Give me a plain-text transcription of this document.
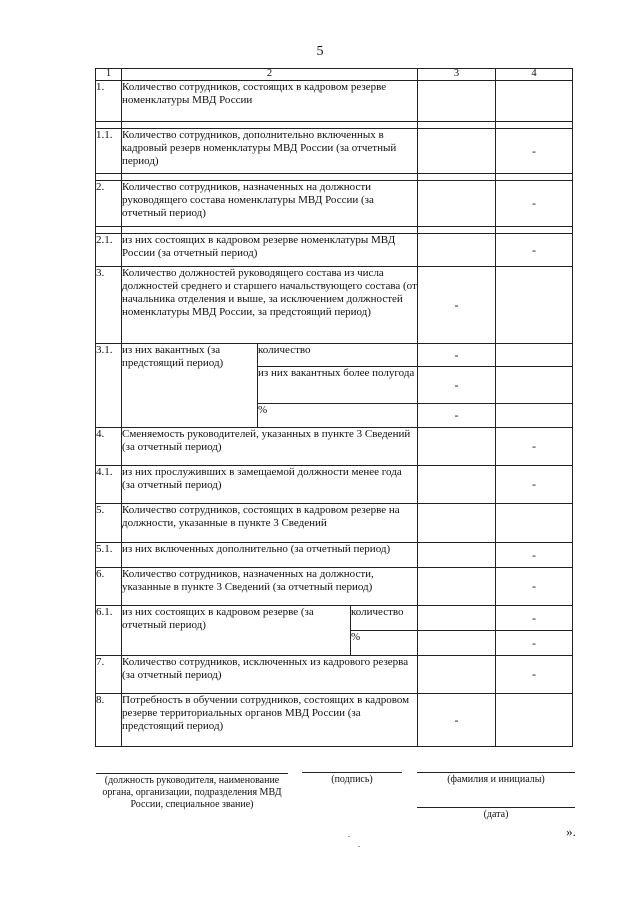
5
1	2			3	4
1.	Количество сотрудников, состоящих в кадровом резерве номенклатуры МВД России				

1.1.	Количество сотрудников, дополнительно включенных в кадровый резерв номенклатуры МВД России (за отчетный период)				-

2.	Количество сотрудников, назначенных на должности руководящего состава номенклатуры МВД России (за отчетный период)				-

2.1.	из них состоящих в кадровом резерве номенклатуры МВД России (за отчетный период)				-
3.	Количество должностей руководящего состава из числа должностей среднего и старшего начальствующего состава (от начальника отделения и выше, за исключением должностей номенклатуры МВД России, за предстоящий период)			-	
3.1.	из них вакантных (за предстоящий период)	количество		-	
		из них вакантных более полугода		-	
		%		-	
4.	Сменяемость руководителей, указанных в пункте 3 Сведений (за отчетный период)				-
4.1.	из них прослуживших в замещаемой должности менее года (за отчетный период)				-
5.	Количество сотрудников, состоящих в кадровом резерве на должности, указанные в пункте 3 Сведений				
5.1.	из них включенных дополнительно (за отчетный период)				-
6.	Количество сотрудников, назначенных на должности, указанные в пункте 3 Сведений (за отчетный период)				-
6.1.	из них состоящих в кадровом резерве (за отчетный период)		количество		-
			%		-
7.	Количество сотрудников, исключенных из кадрового резерва (за отчетный период)				-
8.	Потребность в обучении сотрудников, состоящих в кадровом резерве территориальных органов МВД России (за предстоящий период)			-	
(должность руководителя, наименование органа, организации, подразделения МВД России, специальное звание)
(подпись)	(фамилия и инициалы)
(дата)
».
